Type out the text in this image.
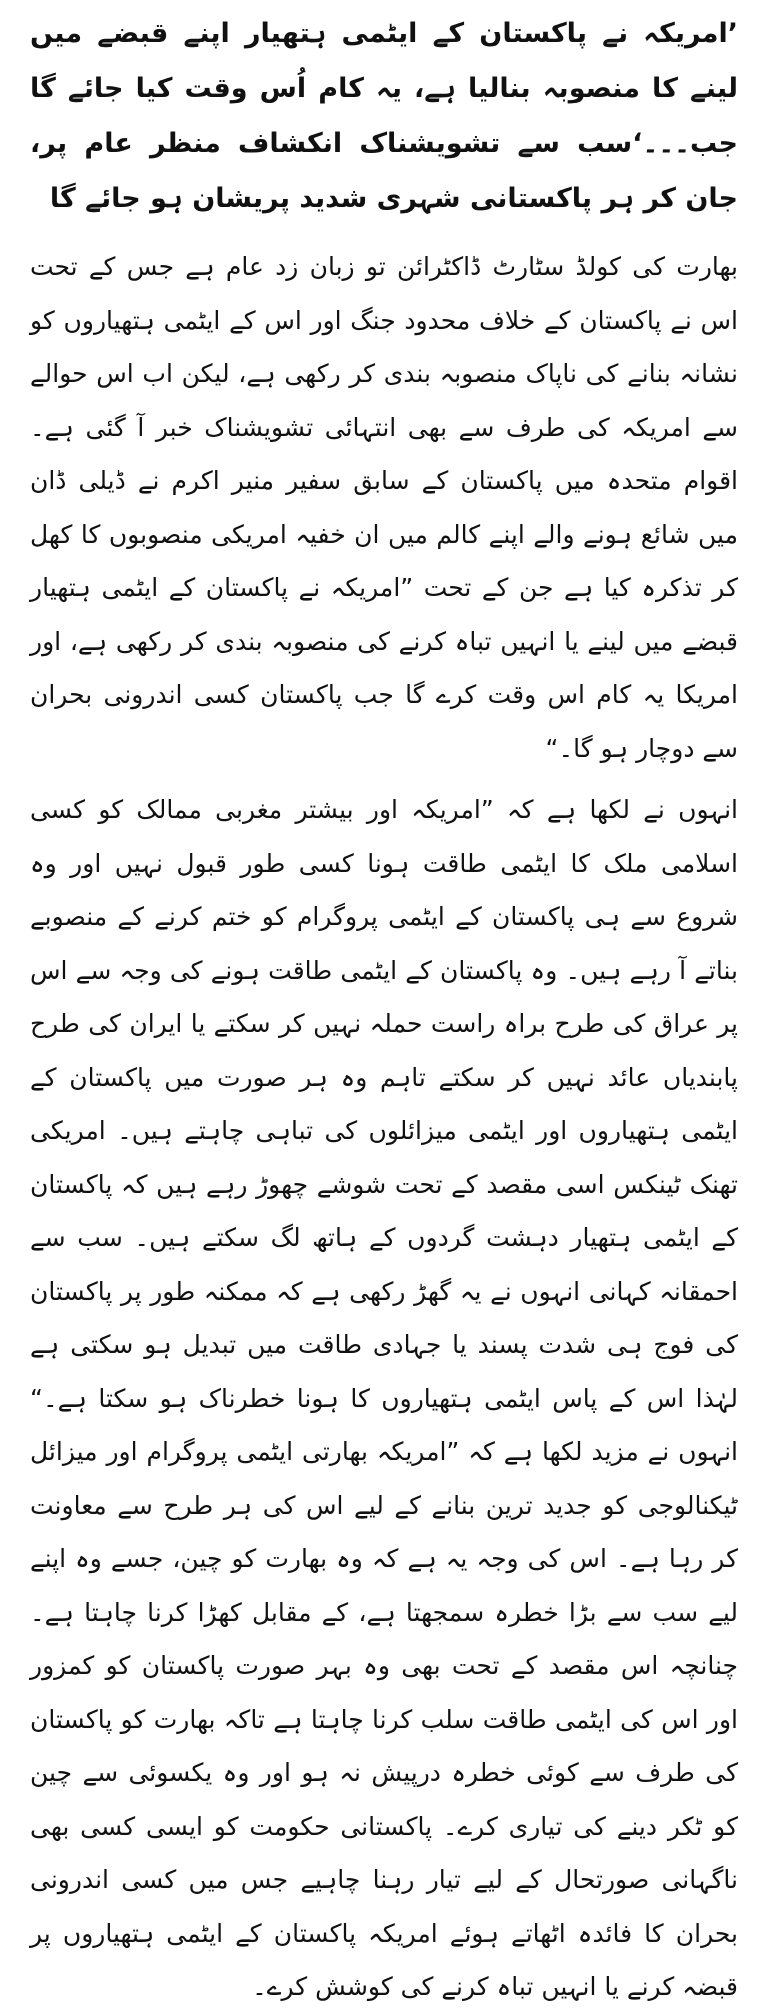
’امریکہ نے پاکستان کے ایٹمی ہتھیار اپنے قبضے میں لینے کا منصوبہ بنالیا ہے، یہ کام اُس وقت کیا جائے گا جب۔۔۔‘سب سے تشویشناک انکشاف منظر عام پر، جان کر ہر پاکستانی شہری شدید پریشان ہو جائے گا

بھارت کی کولڈ سٹارٹ ڈاکٹرائن تو زبان زد عام ہے جس کے تحت اس نے پاکستان کے خلاف محدود جنگ اور اس کے ایٹمی ہتھیاروں کو نشانہ بنانے کی ناپاک منصوبہ بندی کر رکھی ہے، لیکن اب اس حوالے سے امریکہ کی طرف سے بھی انتہائی تشویشناک خبر آ گئی ہے۔ اقوام متحدہ میں پاکستان کے سابق سفیر منیر اکرم نے ڈیلی ڈان میں شائع ہونے والے اپنے کالم میں ان خفیہ امریکی منصوبوں کا کھل کر تذکرہ کیا ہے جن کے تحت ”امریکہ نے پاکستان کے ایٹمی ہتھیار قبضے میں لینے یا انہیں تباہ کرنے کی منصوبہ بندی کر رکھی ہے، اور امریکا یہ کام اس وقت کرے گا جب پاکستان کسی اندرونی بحران سے دوچار ہو گا۔“

انہوں نے لکھا ہے کہ ”امریکہ اور بیشتر مغربی ممالک کو کسی اسلامی ملک کا ایٹمی طاقت ہونا کسی طور قبول نہیں اور وہ شروع سے ہی پاکستان کے ایٹمی پروگرام کو ختم کرنے کے منصوبے بناتے آ رہے ہیں۔ وہ پاکستان کے ایٹمی طاقت ہونے کی وجہ سے اس پر عراق کی طرح براہ راست حملہ نہیں کر سکتے یا ایران کی طرح پابندیاں عائد نہیں کر سکتے تاہم وہ ہر صورت میں پاکستان کے ایٹمی ہتھیاروں اور ایٹمی میزائلوں کی تباہی چاہتے ہیں۔ امریکی تھنک ٹینکس اسی مقصد کے تحت شوشے چھوڑ رہے ہیں کہ پاکستان کے ایٹمی ہتھیار دہشت گردوں کے ہاتھ لگ سکتے ہیں۔ سب سے احمقانہ کہانی انہوں نے یہ گھڑ رکھی ہے کہ ممکنہ طور پر پاکستان کی فوج ہی شدت پسند یا جہادی طاقت میں تبدیل ہو سکتی ہے لہٰذا اس کے پاس ایٹمی ہتھیاروں کا ہونا خطرناک ہو سکتا ہے۔“ انہوں نے مزید لکھا ہے کہ ”امریکہ بھارتی ایٹمی پروگرام اور میزائل ٹیکنالوجی کو جدید ترین بنانے کے لیے اس کی ہر طرح سے معاونت کر رہا ہے۔ اس کی وجہ یہ ہے کہ وہ بھارت کو چین، جسے وہ اپنے لیے سب سے بڑا خطرہ سمجھتا ہے، کے مقابل کھڑا کرنا چاہتا ہے۔ چنانچہ اس مقصد کے تحت بھی وہ بہر صورت پاکستان کو کمزور اور اس کی ایٹمی طاقت سلب کرنا چاہتا ہے تاکہ بھارت کو پاکستان کی طرف سے کوئی خطرہ درپیش نہ ہو اور وہ یکسوئی سے چین کو ٹکر دینے کی تیاری کرے۔ پاکستانی حکومت کو ایسی کسی بھی ناگہانی صورتحال کے لیے تیار رہنا چاہیے جس میں کسی اندرونی بحران کا فائدہ اٹھاتے ہوئے امریکہ پاکستان کے ایٹمی ہتھیاروں پر قبضہ کرنے یا انہیں تباہ کرنے کی کوشش کرے۔
